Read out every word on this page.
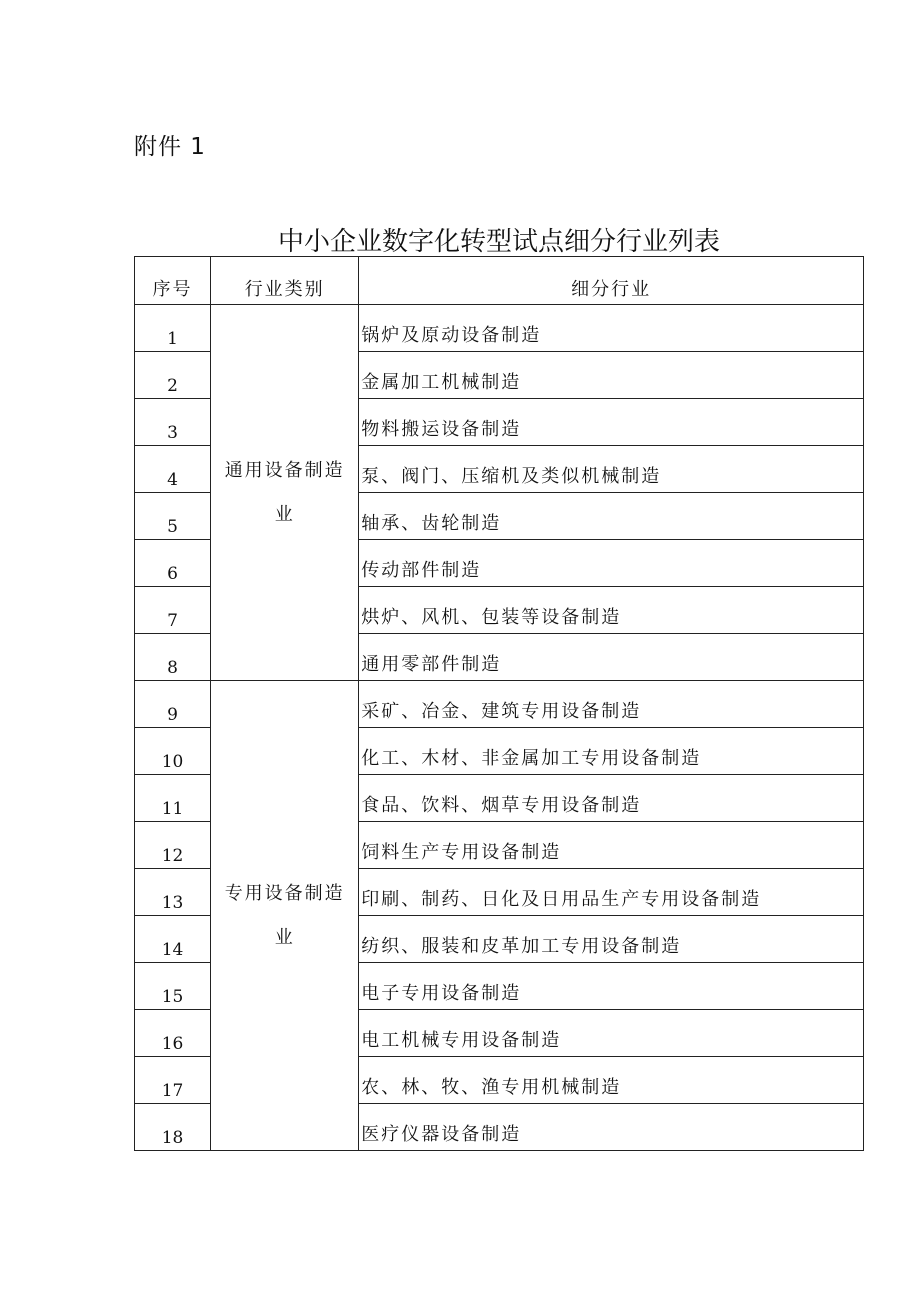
附件 1
中小企业数字化转型试点细分行业列表
序号	行业类别	细分行业
1	通用设备制造业	锅炉及原动设备制造
2		金属加工机械制造
3		物料搬运设备制造
4		泵、阀门、压缩机及类似机械制造
5		轴承、齿轮制造
6		传动部件制造
7		烘炉、风机、包装等设备制造
8		通用零部件制造
9	专用设备制造业	采矿、冶金、建筑专用设备制造
10		化工、木材、非金属加工专用设备制造
11		食品、饮料、烟草专用设备制造
12		饲料生产专用设备制造
13		印刷、制药、日化及日用品生产专用设备制造
14		纺织、服装和皮革加工专用设备制造
15		电子专用设备制造
16		电工机械专用设备制造
17		农、林、牧、渔专用机械制造
18		医疗仪器设备制造
